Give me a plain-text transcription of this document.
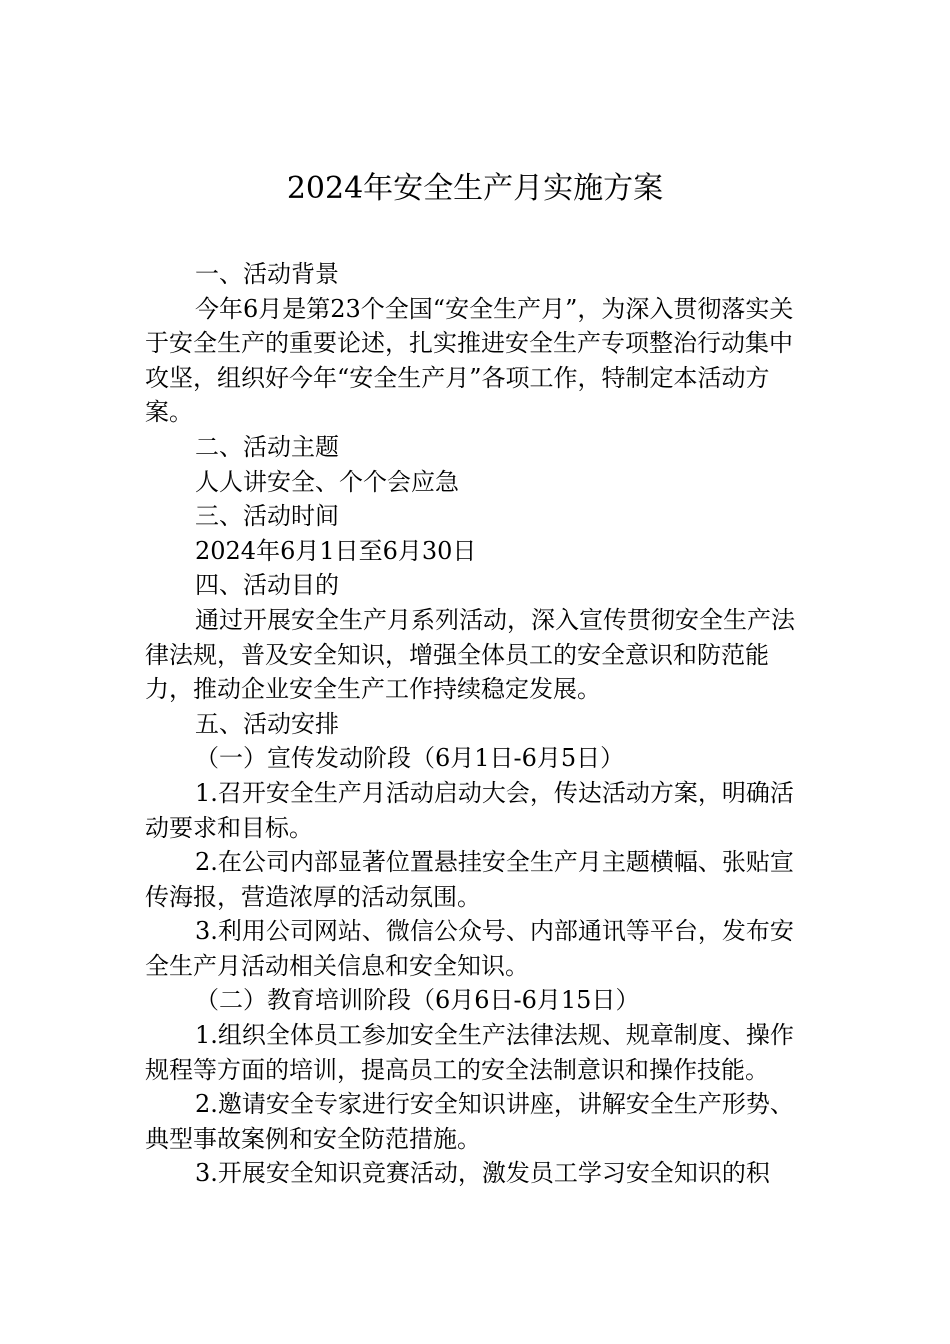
2024年安全生产月实施方案

一、活动背景

今年6月是第23个全国“安全生产月”，为深入贯彻落实关于安全生产的重要论述，扎实推进安全生产专项整治行动集中攻坚，组织好今年“安全生产月”各项工作，特制定本活动方案。

二、活动主题

人人讲安全、个个会应急

三、活动时间

2024年6月1日至6月30日

四、活动目的

通过开展安全生产月系列活动，深入宣传贯彻安全生产法律法规，普及安全知识，增强全体员工的安全意识和防范能力，推动企业安全生产工作持续稳定发展。

五、活动安排

（一）宣传发动阶段（6月1日-6月5日）

1.召开安全生产月活动启动大会，传达活动方案，明确活动要求和目标。

2.在公司内部显著位置悬挂安全生产月主题横幅、张贴宣传海报，营造浓厚的活动氛围。

3.利用公司网站、微信公众号、内部通讯等平台，发布安全生产月活动相关信息和安全知识。

（二）教育培训阶段（6月6日-6月15日）

1.组织全体员工参加安全生产法律法规、规章制度、操作规程等方面的培训，提高员工的安全法制意识和操作技能。

2.邀请安全专家进行安全知识讲座，讲解安全生产形势、典型事故案例和安全防范措施。

3.开展安全知识竞赛活动，激发员工学习安全知识的积
